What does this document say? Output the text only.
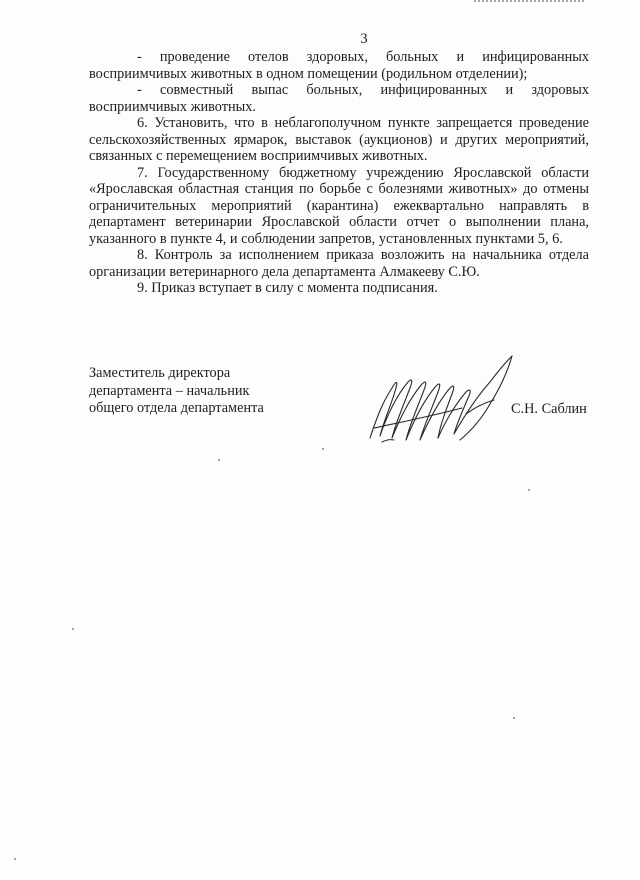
3

- проведение отелов здоровых, больных и инфицированных восприимчивых животных в одном помещении (родильном отделении);

- совместный выпас больных, инфицированных и здоровых восприимчивых животных.

6. Установить, что в неблагополучном пункте запрещается проведение сельскохозяйственных ярмарок, выставок (аукционов) и других мероприятий, связанных с перемещением восприимчивых животных.

7. Государственному бюджетному учреждению Ярославской области «Ярославская областная станция по борьбе с болезнями животных» до отмены ограничительных мероприятий (карантина) ежеквартально направлять в департамент ветеринарии Ярославской области отчет о выполнении плана, указанного в пункте 4, и соблюдении запретов, установленных пунктами 5, 6.

8. Контроль за исполнением приказа возложить на начальника отдела организации ветеринарного дела департамента Алмакееву С.Ю.

9. Приказ вступает в силу с момента подписания.

Заместитель директора
департамента – начальник
общего отдела департамента	С.Н. Саблин
